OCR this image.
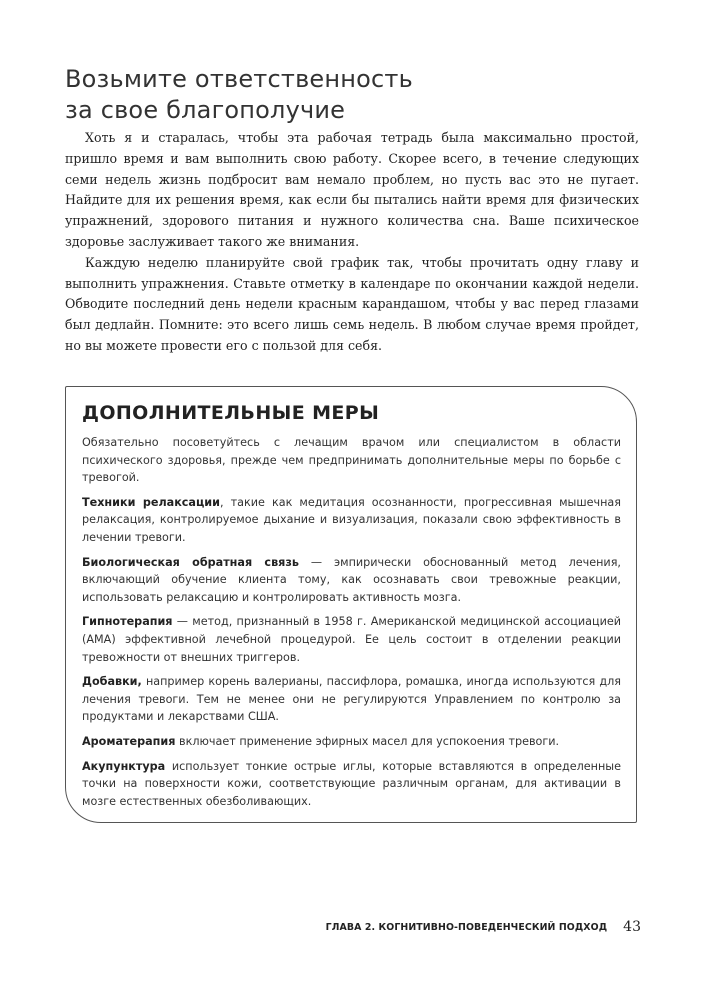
Возьмите ответственность
за свое благополучие

Хоть я и старалась, чтобы эта рабочая тетрадь была максимально простой, пришло время и вам выполнить свою работу. Скорее всего, в течение следующих семи недель жизнь подбросит вам немало проблем, но пусть вас это не пугает. Найдите для их решения время, как если бы пытались найти время для физических упражнений, здорового питания и нужного количества сна. Ваше психическое здоровье заслуживает такого же внимания.

Каждую неделю планируйте свой график так, чтобы прочитать одну главу и выполнить упражнения. Ставьте отметку в календаре по окончании каждой недели. Обводите последний день недели красным карандашом, чтобы у вас перед глазами был дедлайн. Помните: это всего лишь семь недель. В любом случае время пройдет, но вы можете провести его с пользой для себя.

ДОПОЛНИТЕЛЬНЫЕ МЕРЫ

Обязательно посоветуйтесь с лечащим врачом или специалистом в области психического здоровья, прежде чем предпринимать дополнительные меры по борьбе с тревогой.

Техники релаксации, такие как медитация осознанности, прогрессивная мышечная релаксация, контролируемое дыхание и визуализация, показали свою эффективность в лечении тревоги.

Биологическая обратная связь — эмпирически обоснованный метод лечения, включающий обучение клиента тому, как осознавать свои тревожные реакции, использовать релаксацию и контролировать активность мозга.

Гипнотерапия — метод, признанный в 1958 г. Американской медицинской ассоциацией (АМА) эффективной лечебной процедурой. Ее цель состоит в отделении реакции тревожности от внешних триггеров.

Добавки, например корень валерианы, пассифлора, ромашка, иногда используются для лечения тревоги. Тем не менее они не регулируются Управлением по контролю за продуктами и лекарствами США.

Ароматерапия включает применение эфирных масел для успокоения тревоги.

Акупунктура использует тонкие острые иглы, которые вставляются в определенные точки на поверхности кожи, соответствующие различным органам, для активации в мозге естественных обезболивающих.

ГЛАВА 2. КОГНИТИВНО-ПОВЕДЕНЧЕСКИЙ ПОДХОД 43
